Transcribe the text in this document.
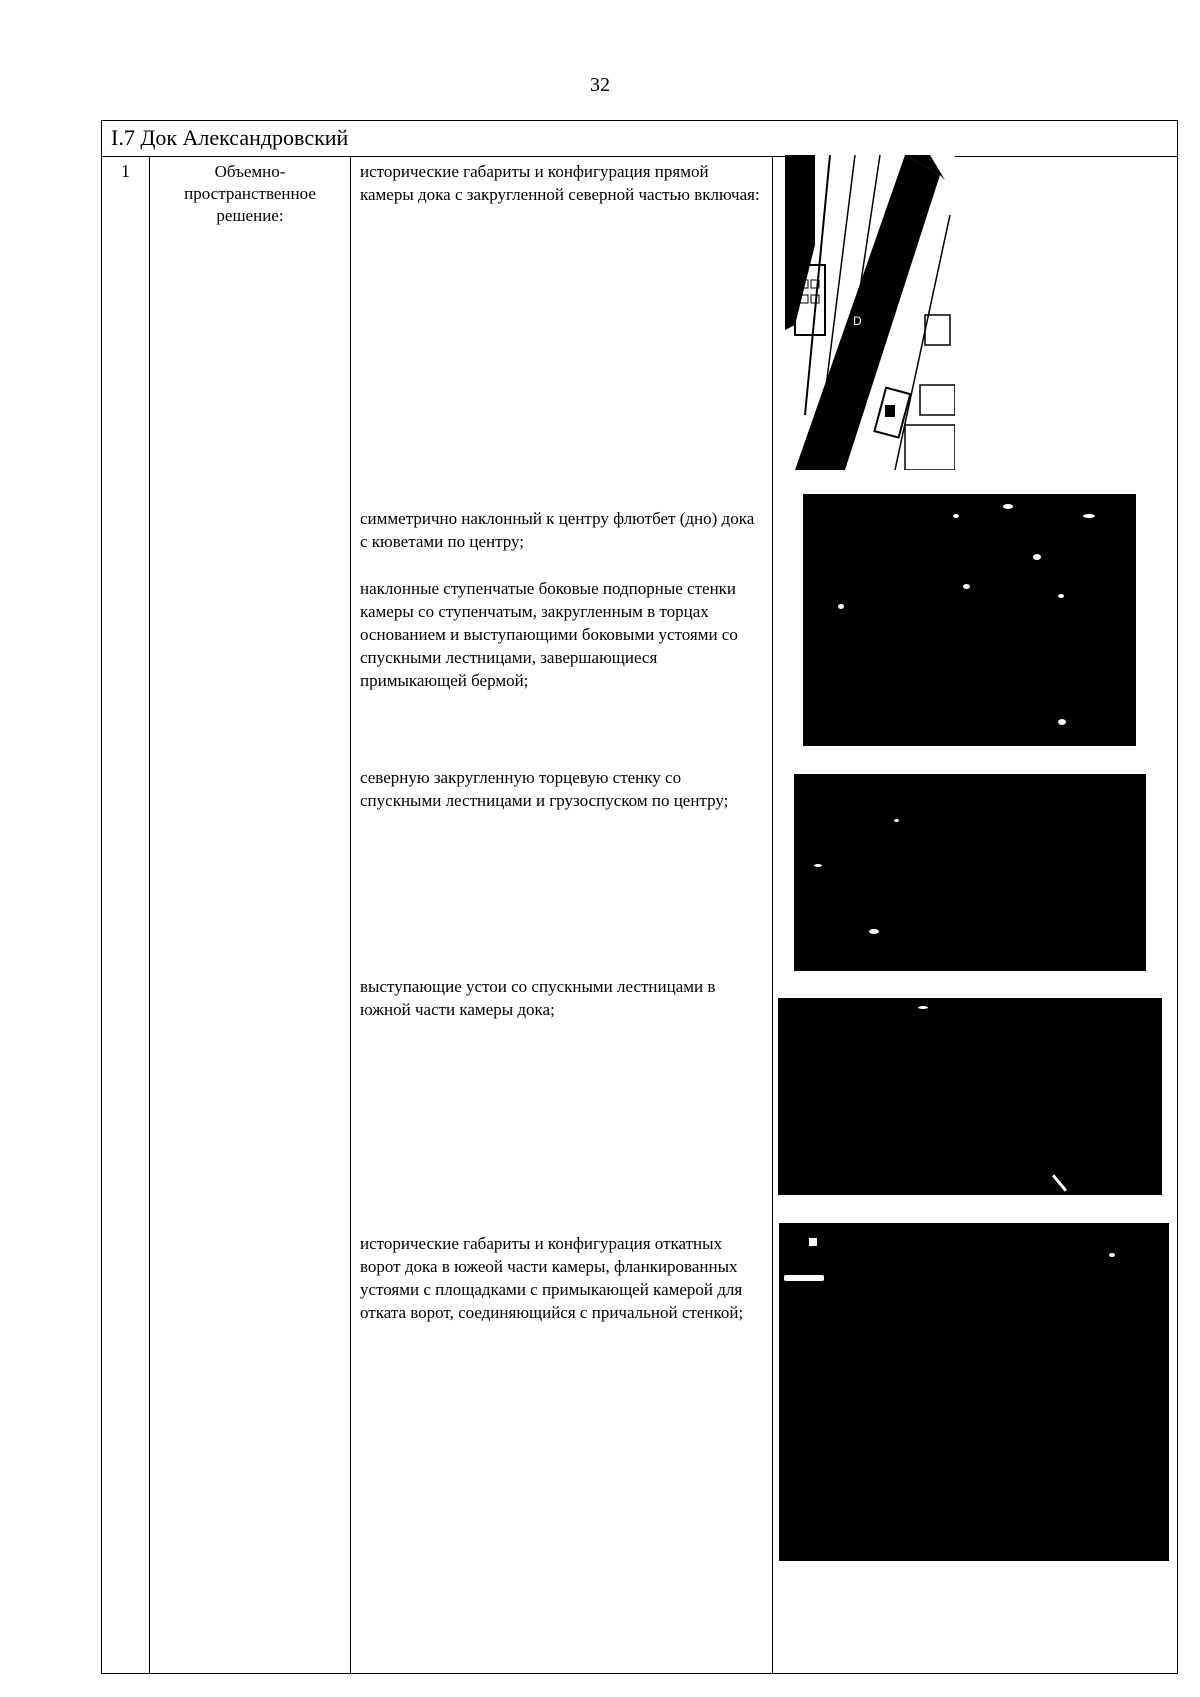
32
I.7 Док Александровский
1	Объемно-пространственное решение:
исторические габариты и конфигурация прямой камеры дока с закругленной северной частью включая:
симметрично наклонный к центру флютбет (дно) дока с кюветами по центру;
наклонные ступенчатые боковые подпорные стенки камеры со ступенчатым, закругленным в торцах основанием и выступающими боковыми устоями со спускными лестницами, завершающиеся примыкающей бермой;
северную закругленную торцевую стенку со спускными лестницами и грузоспуском по центру;
выступающие устои со спускными лестницами в южной части камеры дока;
исторические габариты и конфигурация откатных ворот дока в южеой части камеры, фланкированных устоями с площадками с примыкающей камерой для отката ворот, соединяющийся с причальной стенкой;
D
